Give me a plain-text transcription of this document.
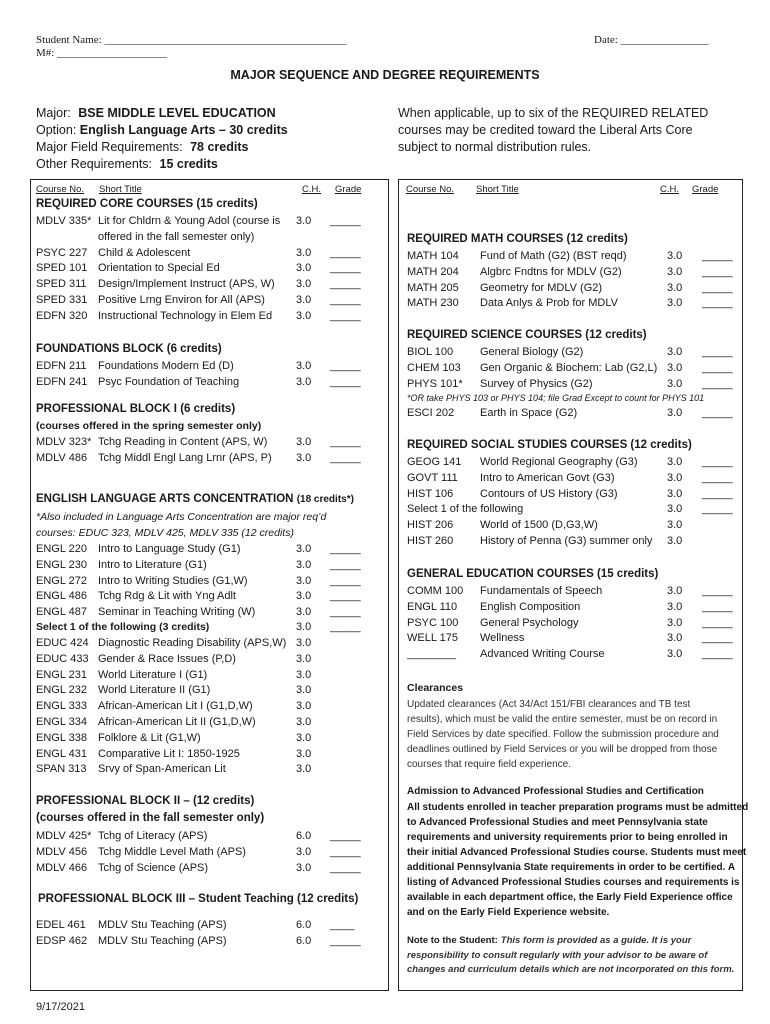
Student Name: ____________________________________________
M#: ____________________
Date: ________________
MAJOR SEQUENCE AND DEGREE REQUIREMENTS
Major: BSE MIDDLE LEVEL EDUCATION
Option: English Language Arts – 30 credits
Major Field Requirements: 78 credits
Other Requirements: 15 credits
When applicable, up to six of the REQUIRED RELATED
courses may be credited toward the Liberal Arts Core
subject to normal distribution rules.
Course No. Short Title	C.H. Grade	Course No. Short Title	C.H. Grade
REQUIRED CORE COURSES (15 credits)
MDLV 335* Lit for Chldrn & Young Adol (course is 3.0 _____
offered in the fall semester only)
PSYC 227 Child & Adolescent	3.0 _____
SPED 101 Orientation to Special Ed	3.0 _____
SPED 311 Design/Implement Instruct (APS, W) 3.0 _____
SPED 331 Positive Lrng Environ for All (APS)	3.0 _____
EDFN 320 Instructional Technology in Elem Ed 3.0 _____
FOUNDATIONS BLOCK (6 credits)
EDFN 211 Foundations Modern Ed (D)	3.0 _____
EDFN 241 Psyc Foundation of Teaching	3.0 _____
PROFESSIONAL BLOCK I (6 credits)
(courses offered in the spring semester only)
MDLV 323* Tchg Reading in Content (APS, W)	3.0 _____
MDLV 486 Tchg Middl Engl Lang Lrnr (APS, P) 3.0 _____
ENGLISH LANGUAGE ARTS CONCENTRATION (18 credits*)
*Also included in Language Arts Concentration are major req’d
courses: EDUC 323, MDLV 425, MDLV 335 (12 credits)
ENGL 220 Intro to Language Study (G1)	3.0 _____
ENGL 230 Intro to Literature (G1)	3.0 _____
ENGL 272 Intro to Writing Studies (G1,W)	3.0 _____
ENGL 486 Tchg Rdg & Lit with Yng Adlt	3.0 _____
ENGL 487 Seminar in Teaching Writing (W)	3.0 _____
Select 1 of the following (3 credits)	3.0 _____
EDUC 424 Diagnostic Reading Disability (APS,W) 3.0
EDUC 433 Gender & Race Issues (P,D)	3.0
ENGL 231 World Literature I (G1)	3.0
ENGL 232 World Literature II (G1)	3.0
ENGL 333 African-American Lit I (G1,D,W)	3.0
ENGL 334 African-American Lit II (G1,D,W)	3.0
ENGL 338 Folklore & Lit (G1,W)	3.0
ENGL 431 Comparative Lit I: 1850-1925	3.0
SPAN 313 Srvy of Span-American Lit	3.0
PROFESSIONAL BLOCK II – (12 credits)
(courses offered in the fall semester only)
MDLV 425* Tchg of Literacy (APS)	6.0 _____
MDLV 456 Tchg Middle Level Math (APS)	3.0 _____
MDLV 466 Tchg of Science (APS)	3.0 _____
PROFESSIONAL BLOCK III – Student Teaching (12 credits)
EDEL 461 MDLV Stu Teaching (APS)	6.0 ____
EDSP 462 MDLV Stu Teaching (APS)	6.0 _____
REQUIRED MATH COURSES (12 credits)
MATH 104 Fund of Math (G2) (BST reqd)	3.0 _____
MATH 204 Algbrc Fndtns for MDLV (G2)	3.0 _____
MATH 205 Geometry for MDLV (G2)	3.0 _____
MATH 230 Data Anlys & Prob for MDLV	3.0 _____
REQUIRED SCIENCE COURSES (12 credits)
BIOL 100 General Biology (G2)	3.0 _____
CHEM 103 Gen Organic & Biochem: Lab (G2,L) 3.0 _____
PHYS 101* Survey of Physics (G2)	3.0 _____
*OR take PHYS 103 or PHYS 104; file Grad Except to count for PHYS 101
ESCI 202 Earth in Space (G2)	3.0 _____
REQUIRED SOCIAL STUDIES COURSES (12 credits)
GEOG 141 World Regional Geography (G3)	3.0 _____
GOVT 111 Intro to American Govt (G3)	3.0 _____
HIST 106 Contours of US History (G3)	3.0 _____
Select 1 of the following	3.0 _____
HIST 206 World of 1500 (D,G3,W)	3.0
HIST 260 History of Penna (G3) summer only 3.0
GENERAL EDUCATION COURSES (15 credits)
COMM 100 Fundamentals of Speech	3.0 _____
ENGL 110 English Composition	3.0 _____
PSYC 100 General Psychology	3.0 _____
WELL 175 Wellness	3.0 _____
________ Advanced Writing Course	3.0 _____
Clearances
Updated clearances (Act 34/Act 151/FBI clearances and TB test
results), which must be valid the entire semester, must be on record in
Field Services by date specified. Follow the submission procedure and
deadlines outlined by Field Services or you will be dropped from those
courses that require field experience.
Admission to Advanced Professional Studies and Certification
All students enrolled in teacher preparation programs must be admitted
to Advanced Professional Studies and meet Pennsylvania state
requirements and university requirements prior to being enrolled in
their initial Advanced Professional Studies course. Students must meet
additional Pennsylvania State requirements in order to be certified. A
listing of Advanced Professional Studies courses and requirements is
available in each department office, the Early Field Experience office
and on the Early Field Experience website.
Note to the Student: This form is provided as a guide. It is your
responsibility to consult regularly with your advisor to be aware of
changes and curriculum details which are not incorporated on this form.
9/17/2021
